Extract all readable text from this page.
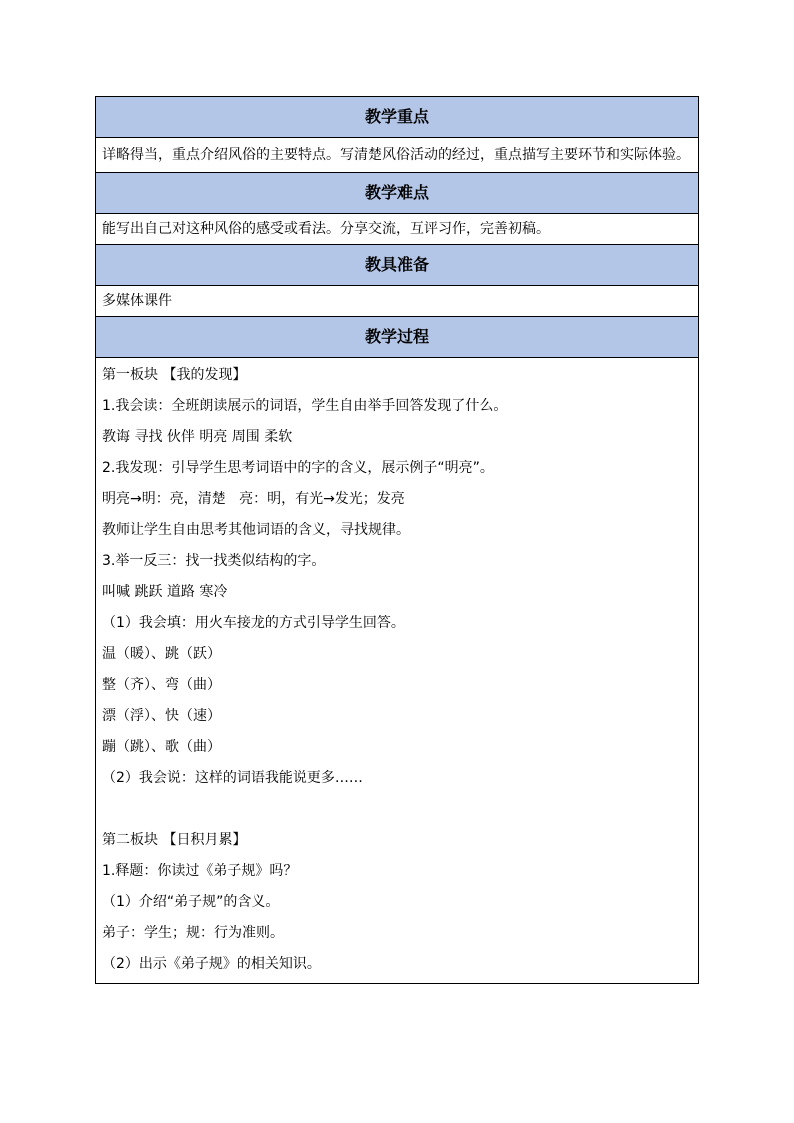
教学重点
详略得当，重点介绍风俗的主要特点。写清楚风俗活动的经过，重点描写主要环节和实际体验。
教学难点
能写出自己对这种风俗的感受或看法。分享交流，互评习作，完善初稿。
教具准备
多媒体课件
教学过程

第一板块 【我的发现】
1.我会读：全班朗读展示的词语，学生自由举手回答发现了什么。
教诲 寻找 伙伴 明亮 周围 柔软
2.我发现：引导学生思考词语中的字的含义，展示例子“明亮”。
明亮→明：亮，清楚   亮：明，有光→发光；发亮
教师让学生自由思考其他词语的含义，寻找规律。
3.举一反三：找一找类似结构的字。
叫喊 跳跃 道路 寒冷
（1）我会填：用火车接龙的方式引导学生回答。
温（暖）、跳（跃）
整（齐）、弯（曲）
漂（浮）、快（速）
蹦（跳）、歌（曲）
（2）我会说：这样的词语我能说更多……
第二板块 【日积月累】
1.释题：你读过《弟子规》吗？
（1）介绍“弟子规”的含义。
弟子：学生；规：行为准则。
（2）出示《弟子规》的相关知识。
